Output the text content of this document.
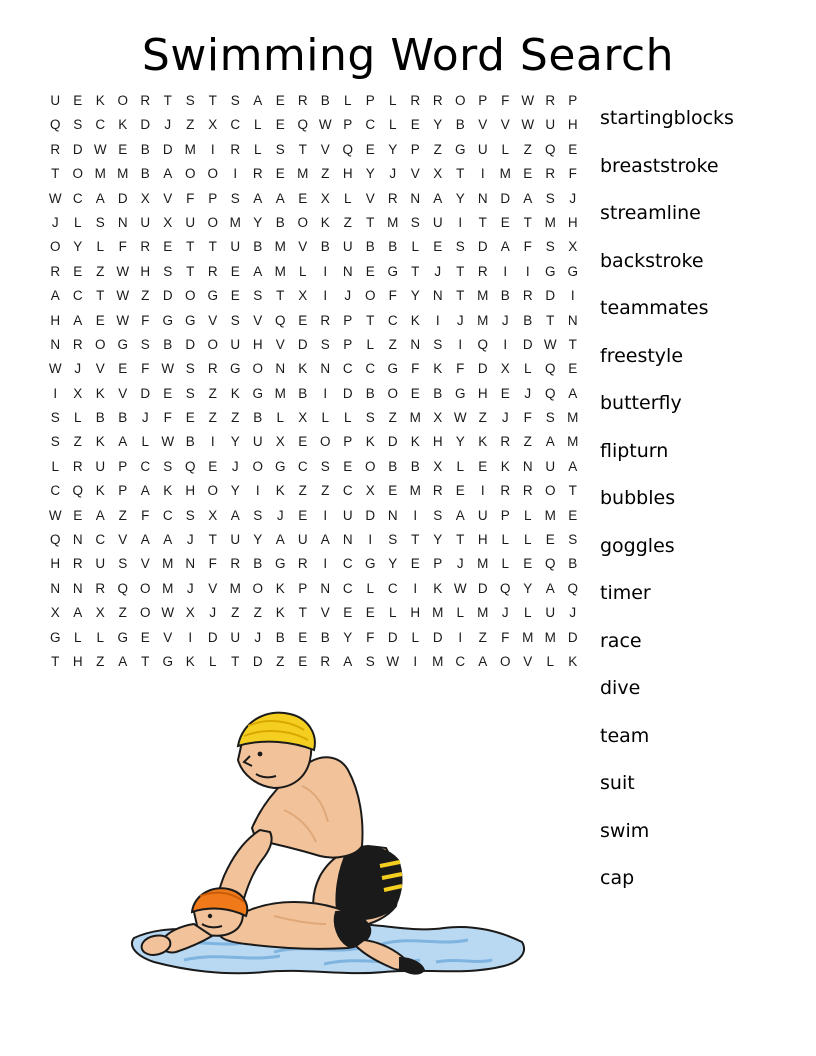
Swimming Word Search
U E K O R	T	S	T	S A E R B	L	P	L	R R O P	F W R P
Q S C K D	J	Z	X C	L	E Q W P C	L	E Y B V V W U H
R D W E B D M	I	R	L	S	T	V Q E Y P	Z G U	L	Z Q E
T O M M B A O O	I	R E M Z	H Y	J	V X	T	I	M E R	F
W C A D X V	F	P S A A E X	L	V R N A Y N D A S	J
J	L	S N U X U O M Y B O K	Z	T M S U	I	T	E	T M H
O Y	L	F	R E	T	T	U B M V B U B B	L	E S D A	F	S X
R E	Z W H S	T	R E A M L	I	N E G T	J	T	R	I	I	G G
A C	T W Z	D O G E S	T	X	I	J	O F	Y N	T M B R D	I
H A E W F G G V S V Q E R P	T	C K	I	J	M	J	B	T	N
N R O G S B D O U H V D S P	L	Z	N S	I	Q	I	D W T
W J	V E	F W S R G O N K N C C G F	K	F	D X	L Q E
I	X K V D E S	Z	K G M B	I	D B O E B G H E	J	Q A
S	L	B B	J	F	E	Z	Z	B	L	X	L	L	S	Z M X W Z	J	F	S M
S	Z	K A	L W B	I	Y U X E O P K D K H Y K R	Z	A M
L	R U P C S Q E	J	O G C S E O B B X	L	E K N U A
C Q K P A K H O Y	I	K	Z	Z	C X E M R E	I	R R O T
W E A	Z	F	C S X A S	J	E	I	U D N	I	S A U P	L M E
Q N C V A A	J	T	U Y A U A N	I	S	T	Y	T	H	L	L	E S
H R U S V M N	F	R B G R	I	C G Y E P	J	M L	E Q B
N N R Q O M	J	V M O K P N C	L	C	I	K W D Q Y A Q
X A X	Z O W X	J	Z	Z	K	T	V E E	L	H M L M	J	L	U	J
G L	L G E V	I	D U	J	B E B Y	F	D	L	D	I	Z	F M M D
T	H	Z	A	T G K	L	T	D	Z	E R A S W	I	M C A O V	L	K
startingblocks
breaststroke
streamline
backstroke
teammates
freestyle
butterfly
flipturn
bubbles
goggles
timer
race
dive
team
suit
swim
cap
